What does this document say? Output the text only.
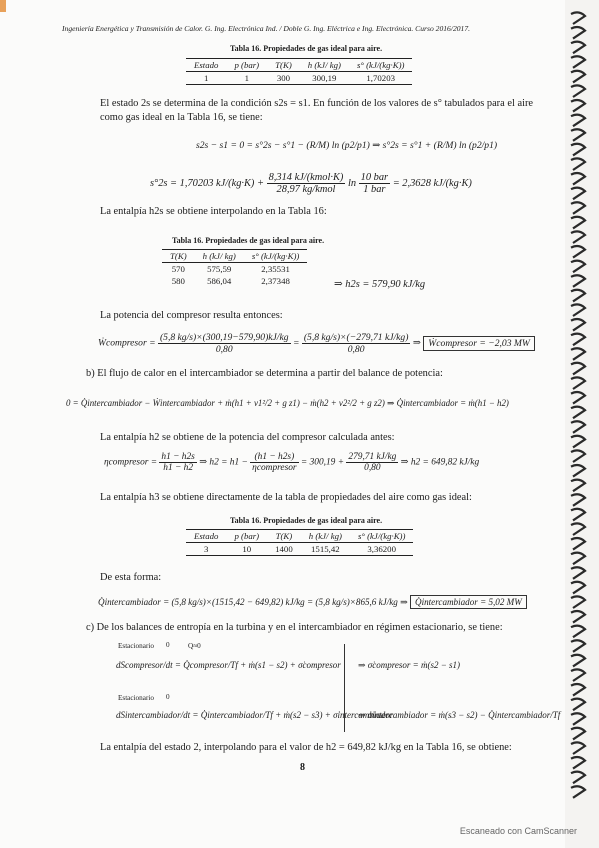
Ingeniería Energética y Transmisión de Calor. G. Ing. Electrónica Ind. / Doble G. Ing. Eléctrica e Ing. Electrónica. Curso 2016/2017.
Tabla 16. Propiedades de gas ideal para aire.
Estado	p (bar)	T(K)	h (kJ/ kg)	s° (kJ/(kg·K))
1	1	300	300,19	1,70203
El estado 2s se determina de la condición s2s = s1. En función de los valores de s° tabulados para el aire
como gas ideal en la Tabla 16, se tiene:
s2s − s1 = 0 = s°2s − s°1 − (R/M) ln (p2/p1) ⇒ s°2s = s°1 + (R/M) ln (p2/p1)
s°2s = 1,70203 $kJ/(kg\cdot K) + \frac{\text{8,314 kJ/(kmol·K)}}{\text{28,97 kg/kmol}}$ $\ln \frac{\text{10 bar}}{\text{1 bar}} = 2,3628$ kJ/(kg·K)
La entalpía h2s se obtiene interpolando en la Tabla 16:
Tabla 16. Propiedades de gas ideal para aire.
T(K)	h (kJ/ kg)	s° (kJ/(kg·K))
570	575,59	2,35531
580	586,04	2,37348	⇒ h2s = 579,90 kJ/kg
La potencia del compresor resulta entonces:
Ẇcompresor = $\frac{(5,8 kg/s)\times(300,19-579,90)kJ/kg}{0,80} = \frac{(5,8 kg/s)\times(-279,71 kJ/kg)}{0,80}$ ⇒ Ẇcompresor = −2,03 MW
b) El flujo de calor en el intercambiador se determina a partir del balance de potencia:
0 = Q̇intercambiador − Ẇintercambiador + ṁ(h1 + v1²/2 + g z1) − ṁ(h2 + v2²/2 + g z2) ⇒ Q̇intercambiador = ṁ(h1 − h2)
La entalpía h2 se obtiene de la potencia del compresor calculada antes:
ηcompresor = $\frac{h1 - h2s}{h1 - h2}$ ⇒ $h2 = h1 - \frac{(h1 - h2s)}{\text{ηcompresor}} = 300,19 + \frac{279,71 kJ/kg}{0,80}$ ⇒ h2 = 649,82 kJ/kg
La entalpía h3 se obtiene directamente de la tabla de propiedades del aire como gas ideal:
Tabla 16. Propiedades de gas ideal para aire.
Estado	p (bar)	T(K)	h (kJ/ kg)	s° (kJ/(kg·K))
3	10	1400	1515,42	3,36200
De esta forma:
Q̇intercambiador = (5,8 kg/s)×(1515,42 − 649,82) kJ/kg = (5,8 kg/s)×865,6 kJ/kg ⇒ Q̇intercambiador = 5,02 MW
c) De los balances de entropía en la turbina y en el intercambiador en régimen estacionario, se tiene:
Estacionario	Q≈0
0
dScompresor/dt = Q̇compresor/Tf + ṁ(s1 − s2) + σ̇compresor ⇒ σ̇compresor = ṁ(s2 − s1)
Estacionario 0
dSintercambiador/dt = Q̇intercambiador/Tf + ṁ(s2 − s3) + σ̇intercambiador
⇒ σ̇intercambiador = ṁ(s3 − s2) − Q̇intercambiador/Tf
La entalpía del estado 2, interpolando para el valor de h2 = 649,82 kJ/kg en la Tabla 16, se obtiene:
8
Escaneado con CamScanner
